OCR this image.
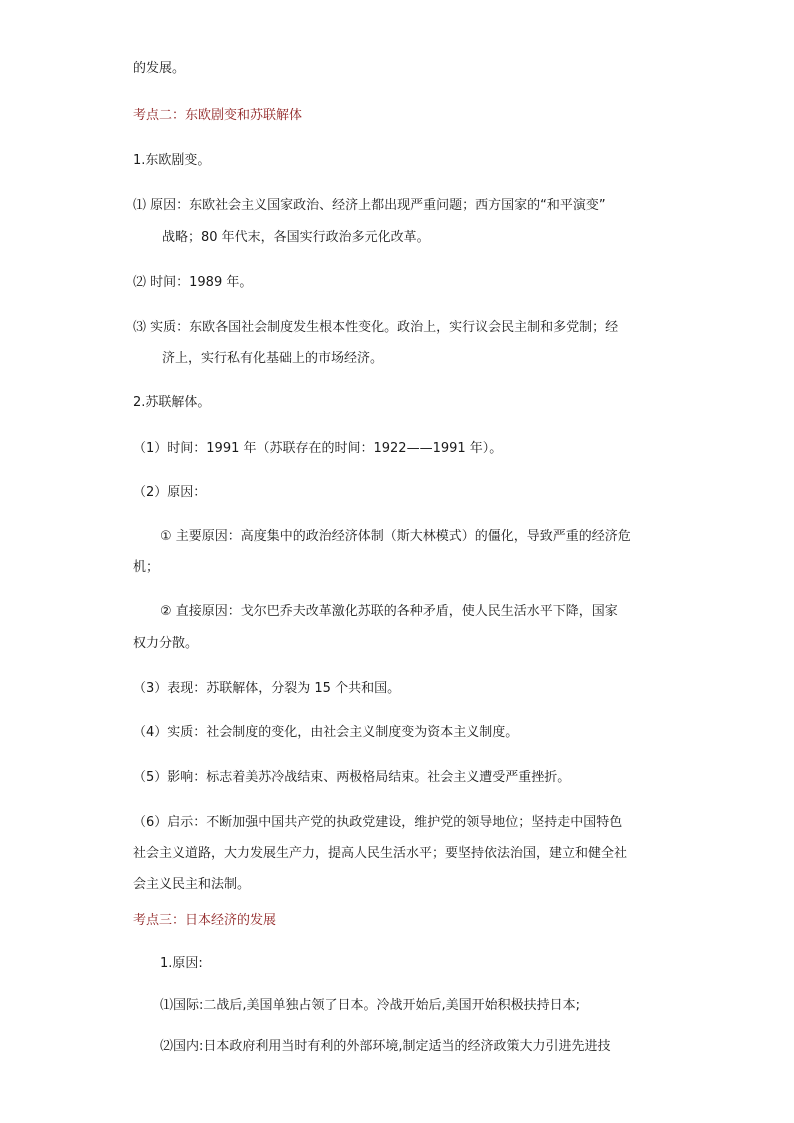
的发展。
考点二：东欧剧变和苏联解体
1.东欧剧变。
⑴ 原因：东欧社会主义国家政治、经济上都出现严重问题；西方国家的“和平演变”
战略；80 年代末，各国实行政治多元化改革。
⑵ 时间：1989 年。
⑶ 实质：东欧各国社会制度发生根本性变化。政治上，实行议会民主制和多党制；经
济上，实行私有化基础上的市场经济。
2.苏联解体。
（1）时间：1991 年（苏联存在的时间：1922——1991 年）。
（2）原因：
① 主要原因：高度集中的政治经济体制（斯大林模式）的僵化，导致严重的经济危
机；
② 直接原因：戈尔巴乔夫改革激化苏联的各种矛盾，使人民生活水平下降，国家
权力分散。
（3）表现：苏联解体，分裂为 15 个共和国。
（4）实质：社会制度的变化，由社会主义制度变为资本主义制度。
（5）影响：标志着美苏冷战结束、两极格局结束。社会主义遭受严重挫折。
（6）启示：不断加强中国共产党的执政党建设，维护党的领导地位；坚持走中国特色
社会主义道路，大力发展生产力，提高人民生活水平；要坚持依法治国，建立和健全社
会主义民主和法制。
考点三：日本经济的发展
1.原因:
⑴国际:二战后,美国单独占领了日本。冷战开始后,美国开始积极扶持日本;
⑵国内:日本政府利用当时有利的外部环境,制定适当的经济政策大力引进先进技
